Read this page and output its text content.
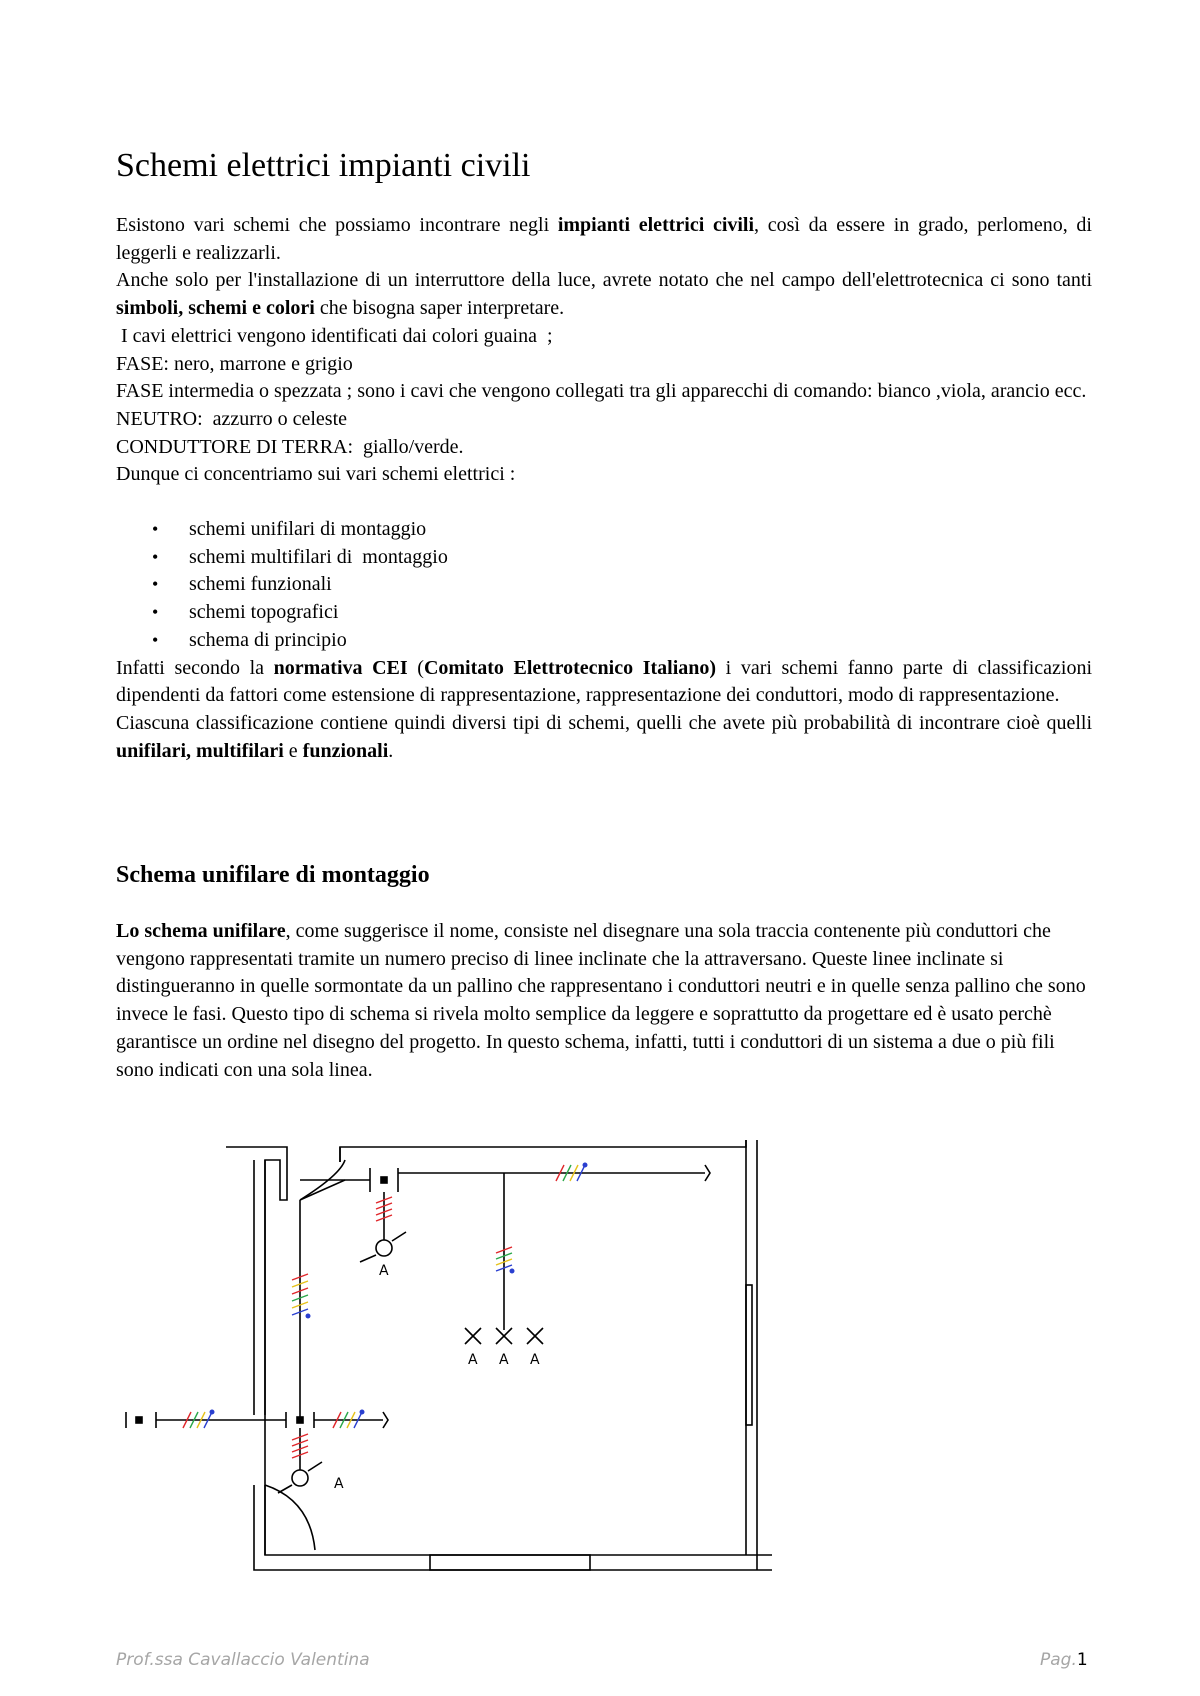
Schemi elettrici impianti civili

Esistono vari schemi che possiamo incontrare negli impianti elettrici civili, così da essere in grado, perlomeno, di leggerli e realizzarli.

Anche solo per l'installazione di un interruttore della luce, avrete notato che nel campo dell'elettrotecnica ci sono tanti simboli, schemi e colori che bisogna saper interpretare.

I cavi elettrici vengono identificati dai colori guaina  ;

FASE: nero, marrone e grigio

FASE intermedia o spezzata ; sono i cavi che vengono collegati tra gli apparecchi di comando: bianco ,viola, arancio ecc.

NEUTRO:  azzurro o celeste

CONDUTTORE DI TERRA:  giallo/verde.

Dunque ci concentriamo sui vari schemi elettrici :

• schemi unifilari di montaggio
• schemi multifilari di  montaggio
• schemi funzionali
• schemi topografici
• schema di principio

Infatti secondo la normativa CEI (Comitato Elettrotecnico Italiano) i vari schemi fanno parte di classificazioni dipendenti da fattori come estensione di rappresentazione, rappresentazione dei conduttori, modo di rappresentazione.

Ciascuna classificazione contiene quindi diversi tipi di schemi, quelli che avete più probabilità di incontrare cioè quelli unifilari, multifilari e funzionali.

Schema unifilare di montaggio

Lo schema unifilare, come suggerisce il nome, consiste nel disegnare una sola traccia contenente più conduttori che vengono rappresentati tramite un numero preciso di linee inclinate che la attraversano. Queste linee inclinate si distingueranno in quelle sormontate da un pallino che rappresentano i conduttori neutri e in quelle senza pallino che sono invece le fasi. Questo tipo di schema si rivela molto semplice da leggere e soprattutto da progettare ed è usato perchè garantisce un ordine nel disegno del progetto. In questo schema, infatti, tutti i conduttori di un sistema a due o più fili sono indicati con una sola linea.

A
A A A
A
Prof.ssa Cavallaccio Valentina	Pag.1
